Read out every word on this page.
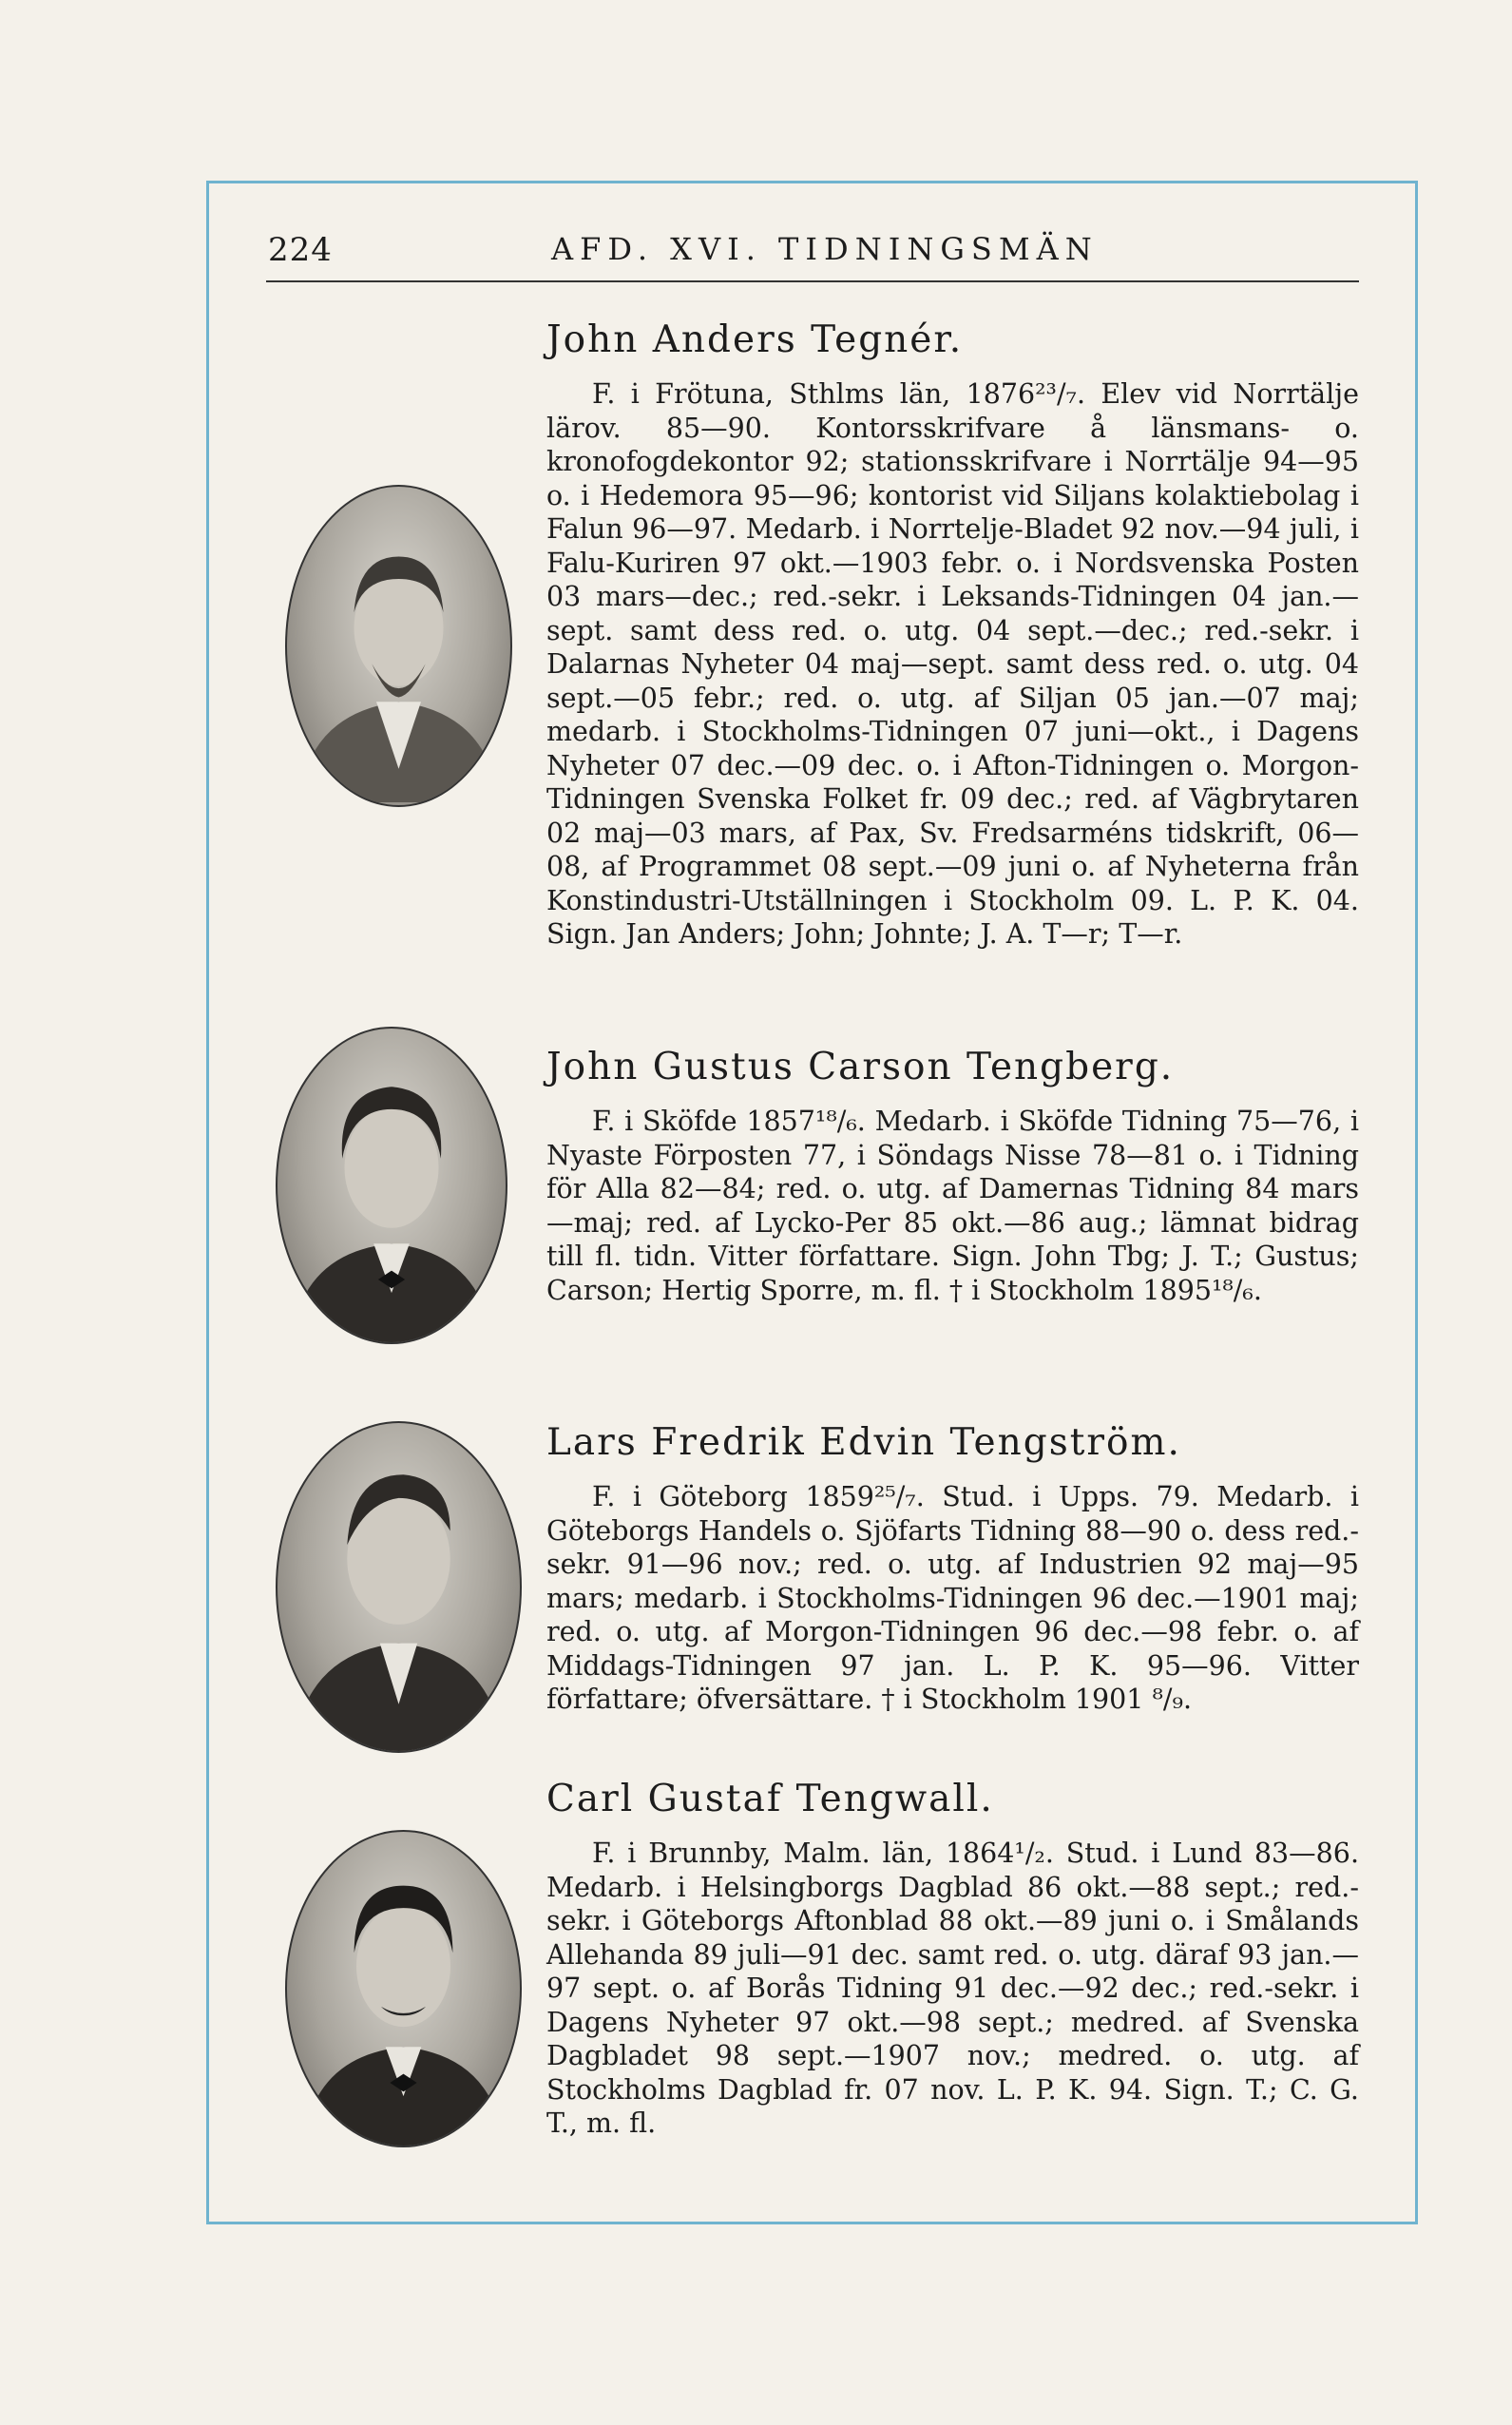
224	AFD. XVI. TIDNINGSMÄN
John Anders Tegnér.
F. i Frötuna, Sthlms län, 1876²³/₇. Elev vid Norrtälje lärov. 85—90. Kontorsskrifvare å länsmans- o. kronofogdekontor 92; stationsskrifvare i Norrtälje 94—95 o. i Hedemora 95—96; kontorist vid Siljans kolaktiebolag i Falun 96—97. Medarb. i Norrtelje-Bladet 92 nov.—94 juli, i Falu-Kuriren 97 okt.—1903 febr. o. i Nordsvenska Posten 03 mars—dec.; red.-sekr. i Leksands-Tidningen 04 jan.—sept. samt dess red. o. utg. 04 sept.—dec.; red.-sekr. i Dalarnas Nyheter 04 maj—sept. samt dess red. o. utg. 04 sept.—05 febr.; red. o. utg. af Siljan 05 jan.—07 maj; medarb. i Stockholms-Tidningen 07 juni—okt., i Dagens Nyheter 07 dec.—09 dec. o. i Afton-Tidningen o. Morgon-Tidningen Svenska Folket fr. 09 dec.; red. af Vägbrytaren 02 maj—03 mars, af Pax, Sv. Fredsarméns tidskrift, 06—08, af Programmet 08 sept.—09 juni o. af Nyheterna från Konstindustri-Utställningen i Stockholm 09. L. P. K. 04. Sign. Jan Anders; John; Johnte; J. A. T—r; T—r.
John Gustus Carson Tengberg.
F. i Sköfde 1857¹⁸/₆. Medarb. i Sköfde Tidning 75—76, i Nyaste Förposten 77, i Söndags Nisse 78—81 o. i Tidning för Alla 82—84; red. o. utg. af Damernas Tidning 84 mars—maj; red. af Lycko-Per 85 okt.—86 aug.; lämnat bidrag till fl. tidn. Vitter författare. Sign. John Tbg; J. T.; Gustus; Carson; Hertig Sporre, m. fl. † i Stockholm 1895¹⁸/₆.
Lars Fredrik Edvin Tengström.
F. i Göteborg 1859²⁵/₇. Stud. i Upps. 79. Medarb. i Göteborgs Handels o. Sjöfarts Tidning 88—90 o. dess red.-sekr. 91—96 nov.; red. o. utg. af Industrien 92 maj—95 mars; medarb. i Stockholms-Tidningen 96 dec.—1901 maj; red. o. utg. af Morgon-Tidningen 96 dec.—98 febr. o. af Middags-Tidningen 97 jan. L. P. K. 95—96. Vitter författare; öfversättare. † i Stockholm 1901 ⁸/₉.
Carl Gustaf Tengwall.
F. i Brunnby, Malm. län, 1864¹/₂. Stud. i Lund 83—86. Medarb. i Helsingborgs Dagblad 86 okt.—88 sept.; red.-sekr. i Göteborgs Aftonblad 88 okt.—89 juni o. i Smålands Allehanda 89 juli—91 dec. samt red. o. utg. däraf 93 jan.—97 sept. o. af Borås Tidning 91 dec.—92 dec.; red.-sekr. i Dagens Nyheter 97 okt.—98 sept.; medred. af Svenska Dagbladet 98 sept.—1907 nov.; medred. o. utg. af Stockholms Dagblad fr. 07 nov. L. P. K. 94. Sign. T.; C. G. T., m. fl.
